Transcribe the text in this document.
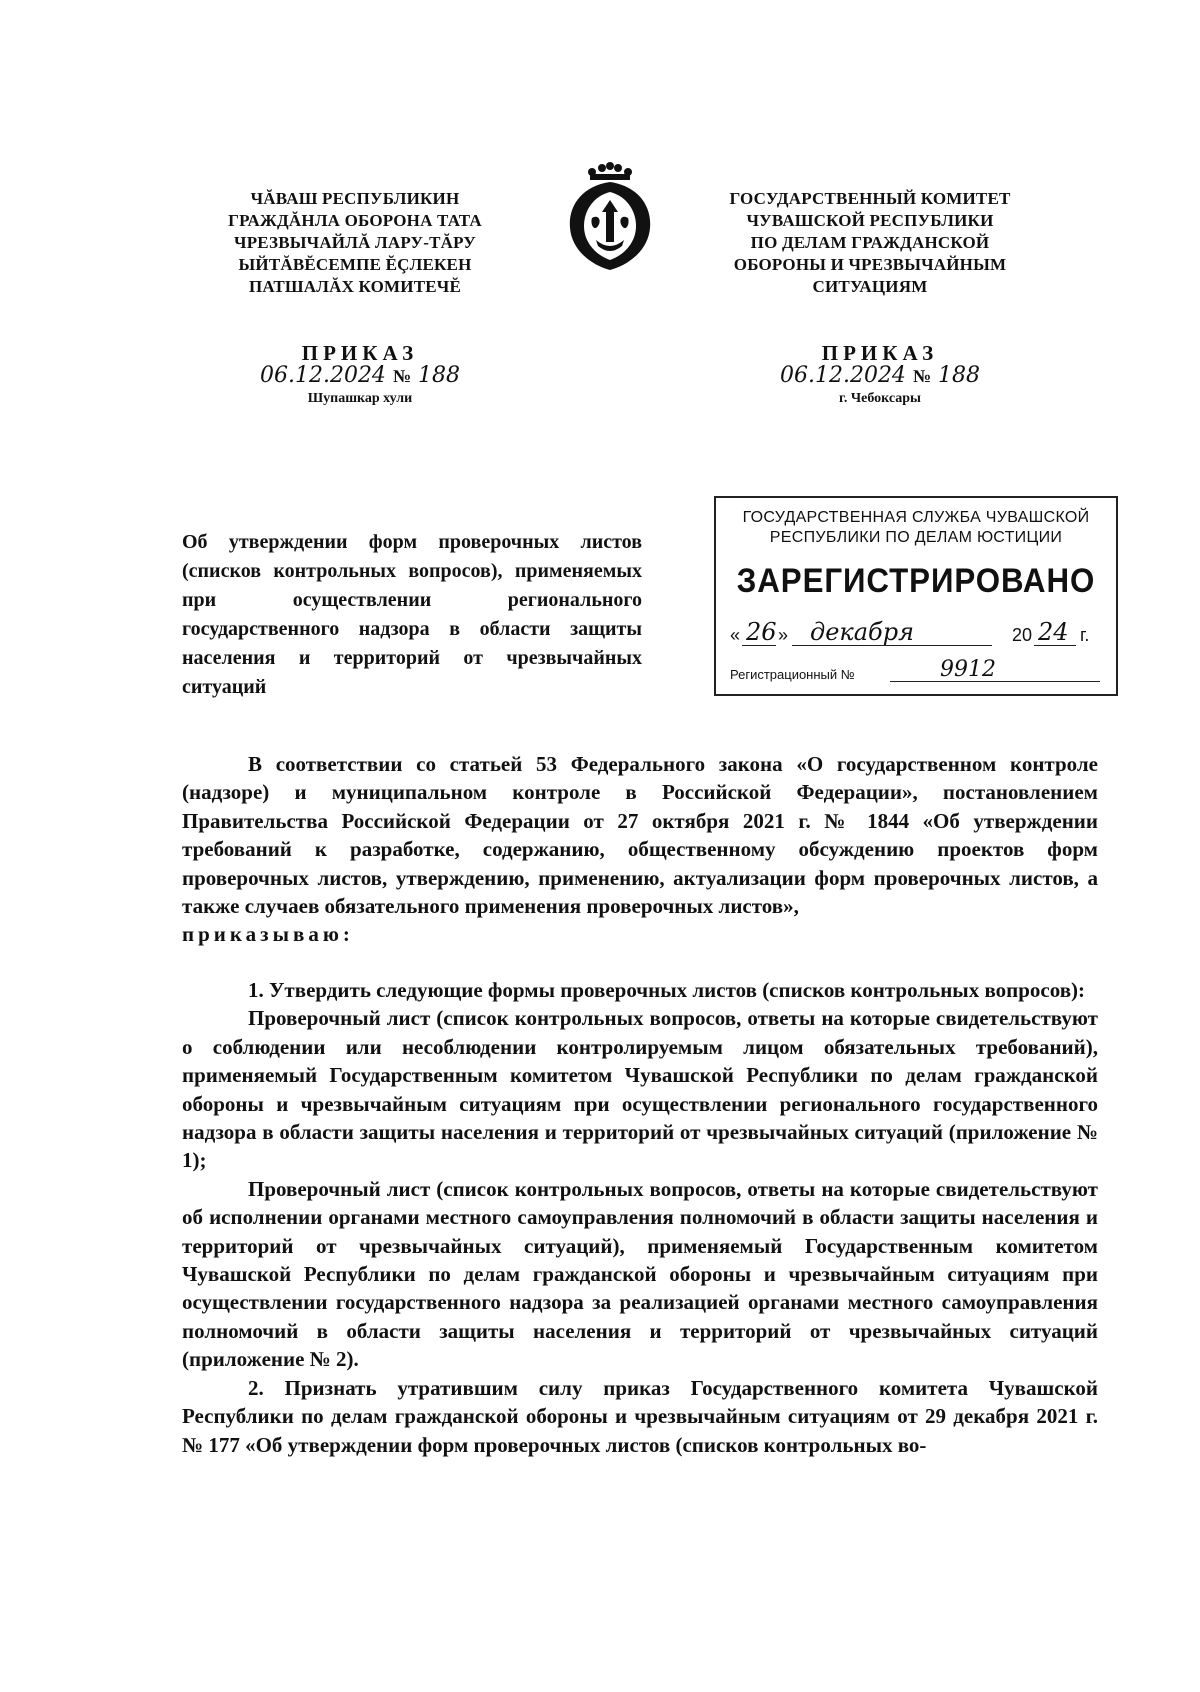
ЧĂВАШ РЕСПУБЛИКИН
ГРАЖДĂНЛА ОБОРОНА ТАТА
ЧРЕЗВЫЧАЙЛĂ ЛАРУ-ТĂРУ
ЫЙТĂВĔСЕМПЕ ĔÇЛЕКЕН
ПАТШАЛĂХ КОМИТЕЧĔ
ГОСУДАРСТВЕННЫЙ КОМИТЕТ
ЧУВАШСКОЙ РЕСПУБЛИКИ
ПО ДЕЛАМ ГРАЖДАНСКОЙ
ОБОРОНЫ И ЧРЕЗВЫЧАЙНЫМ
СИТУАЦИЯМ
ПРИКАЗ
06.12.2024 № 188
Шупашкар хули
ПРИКАЗ
06.12.2024 № 188
г. Чебоксары
Об утверждении форм проверочных листов (списков контрольных вопросов), применяемых при осуществлении регионального государственного надзора в области защиты населения и территорий от чрезвычайных ситуаций
ГОСУДАРСТВЕННАЯ СЛУЖБА ЧУВАШСКОЙ
РЕСПУБЛИКИ ПО ДЕЛАМ ЮСТИЦИИ
ЗАРЕГИСТРИРОВАНО
« 26 » декабря	20 24 г.
Регистрационный №	9912

В соответствии со статьей 53 Федерального закона «О государственном контроле (надзоре) и муниципальном контроле в Российской Федерации», постановлением Правительства Российской Федерации от 27 октября 2021 г. № 1844 «Об утверждении требований к разработке, содержанию, общественному обсуждению проектов форм проверочных листов, утверждению, применению, актуализации форм проверочных листов, а также случаев обязательного применения проверочных листов»,

приказываю:

1. Утвердить следующие формы проверочных листов (списков контрольных вопросов):

Проверочный лист (список контрольных вопросов, ответы на которые свидетельствуют о соблюдении или несоблюдении контролируемым лицом обязательных требований), применяемый Государственным комитетом Чувашской Республики по делам гражданской обороны и чрезвычайным ситуациям при осуществлении регионального государственного надзора в области защиты населения и территорий от чрезвычайных ситуаций (приложение № 1);

Проверочный лист (список контрольных вопросов, ответы на которые свидетельствуют об исполнении органами местного самоуправления полномочий в области защиты населения и территорий от чрезвычайных ситуаций), применяемый Государственным комитетом Чувашской Республики по делам гражданской обороны и чрезвычайным ситуациям при осуществлении государственного надзора за реализацией органами местного самоуправления полномочий в области защиты населения и территорий от чрезвычайных ситуаций (приложение № 2).

2. Признать утратившим силу приказ Государственного комитета Чувашской Республики по делам гражданской обороны и чрезвычайным ситуациям от 29 декабря 2021 г. № 177 «Об утверждении форм проверочных листов (списков контрольных во-
